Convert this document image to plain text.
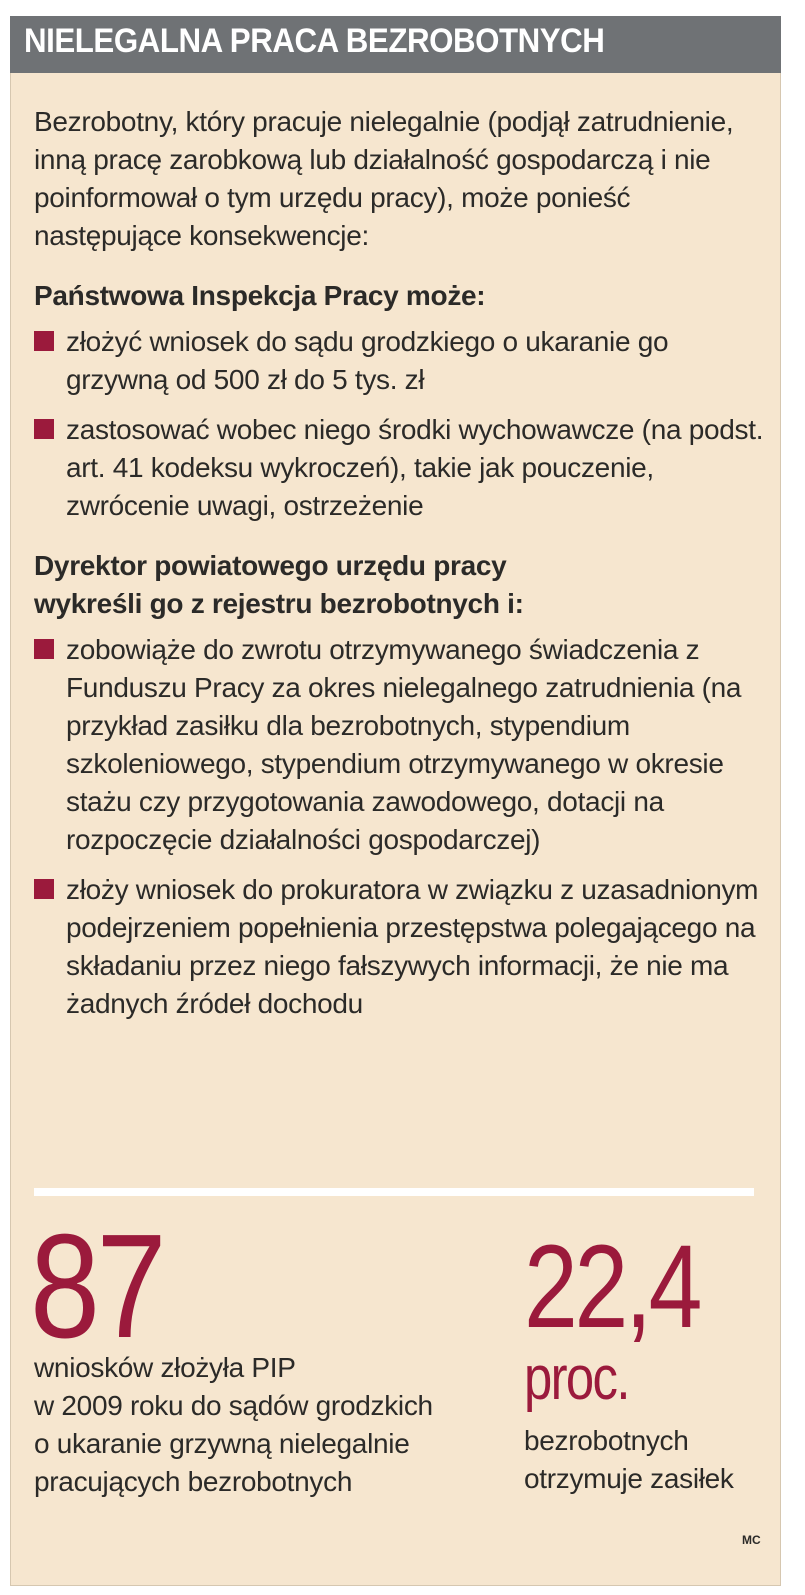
NIELEGALNA PRACA BEZROBOTNYCH

Bezrobotny, który pracuje nielegalnie (podjął zatrudnienie, inną pracę zarobkową lub działalność gospodarczą i nie poinformował o tym urzędu pracy), może ponieść następujące konsekwencje:

Państwowa Inspekcja Pracy może:
złożyć wniosek do sądu grodzkiego o ukaranie go grzywną od 500 zł do 5 tys. zł
zastosować wobec niego środki wychowawcze (na podst. art. 41 kodeksu wykroczeń), takie jak pouczenie, zwrócenie uwagi, ostrzeżenie
Dyrektor powiatowego urzędu pracy
wykreśli go z rejestru bezrobotnych i:
zobowiąże do zwrotu otrzymywanego świadczenia z Funduszu Pracy za okres nielegalnego zatrudnienia (na przykład zasiłku dla bezrobotnych, stypendium szkoleniowego, stypendium otrzymywanego w okresie stażu czy przygotowania zawodowego, dotacji na rozpoczęcie działalności gospodarczej)
złoży wniosek do prokuratora w związku z uzasadnionym podejrzeniem popełnienia przestępstwa polegającego na składaniu przez niego fałszywych informacji, że nie ma żadnych źródeł dochodu
87
wniosków złożyła PIP
w 2009 roku do sądów grodzkich
o ukaranie grzywną nielegalnie
pracujących bezrobotnych
22,4
proc.
bezrobotnych
otrzymuje zasiłek
MC
